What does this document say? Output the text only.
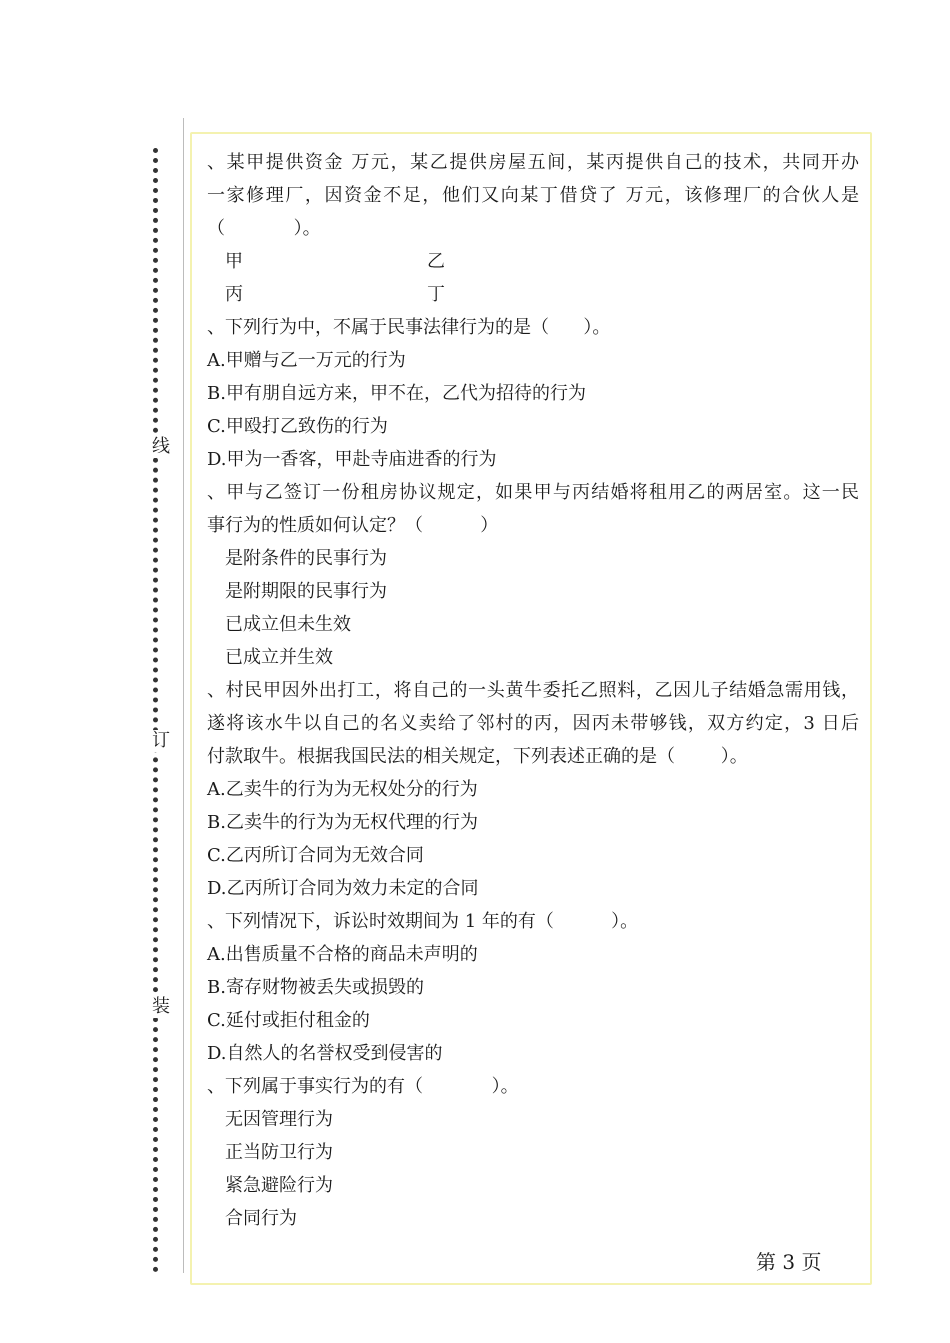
线
订
装
、某甲提供资金 万元，某乙提供房屋五间，某丙提供自己的技术，共同开办
一家修理厂，因资金不足，他们又向某丁借贷了 万元，该修理厂的合伙人是
（            ）。
甲	乙
丙	丁
、下列行为中，不属于民事法律行为的是（      ）。
A.甲赠与乙一万元的行为
B.甲有朋自远方来，甲不在，乙代为招待的行为
C.甲殴打乙致伤的行为
D.甲为一香客，甲赴寺庙进香的行为
、甲与乙签订一份租房协议规定，如果甲与丙结婚将租用乙的两居室。这一民
事行为的性质如何认定？（          ）
是附条件的民事行为
是附期限的民事行为
已成立但未生效
已成立并生效
、村民甲因外出打工，将自己的一头黄牛委托乙照料，乙因儿子结婚急需用钱，
遂将该水牛以自己的名义卖给了邻村的丙，因丙未带够钱，双方约定，3 日后
付款取牛。根据我国民法的相关规定，下列表述正确的是（        ）。
A.乙卖牛的行为为无权处分的行为
B.乙卖牛的行为为无权代理的行为
C.乙丙所订合同为无效合同
D.乙丙所订合同为效力未定的合同
、下列情况下，诉讼时效期间为 1 年的有（          ）。
A.出售质量不合格的商品未声明的
B.寄存财物被丢失或损毁的
C.延付或拒付租金的
D.自然人的名誉权受到侵害的
、下列属于事实行为的有（            ）。
无因管理行为
正当防卫行为
紧急避险行为
合同行为
第 3 页
